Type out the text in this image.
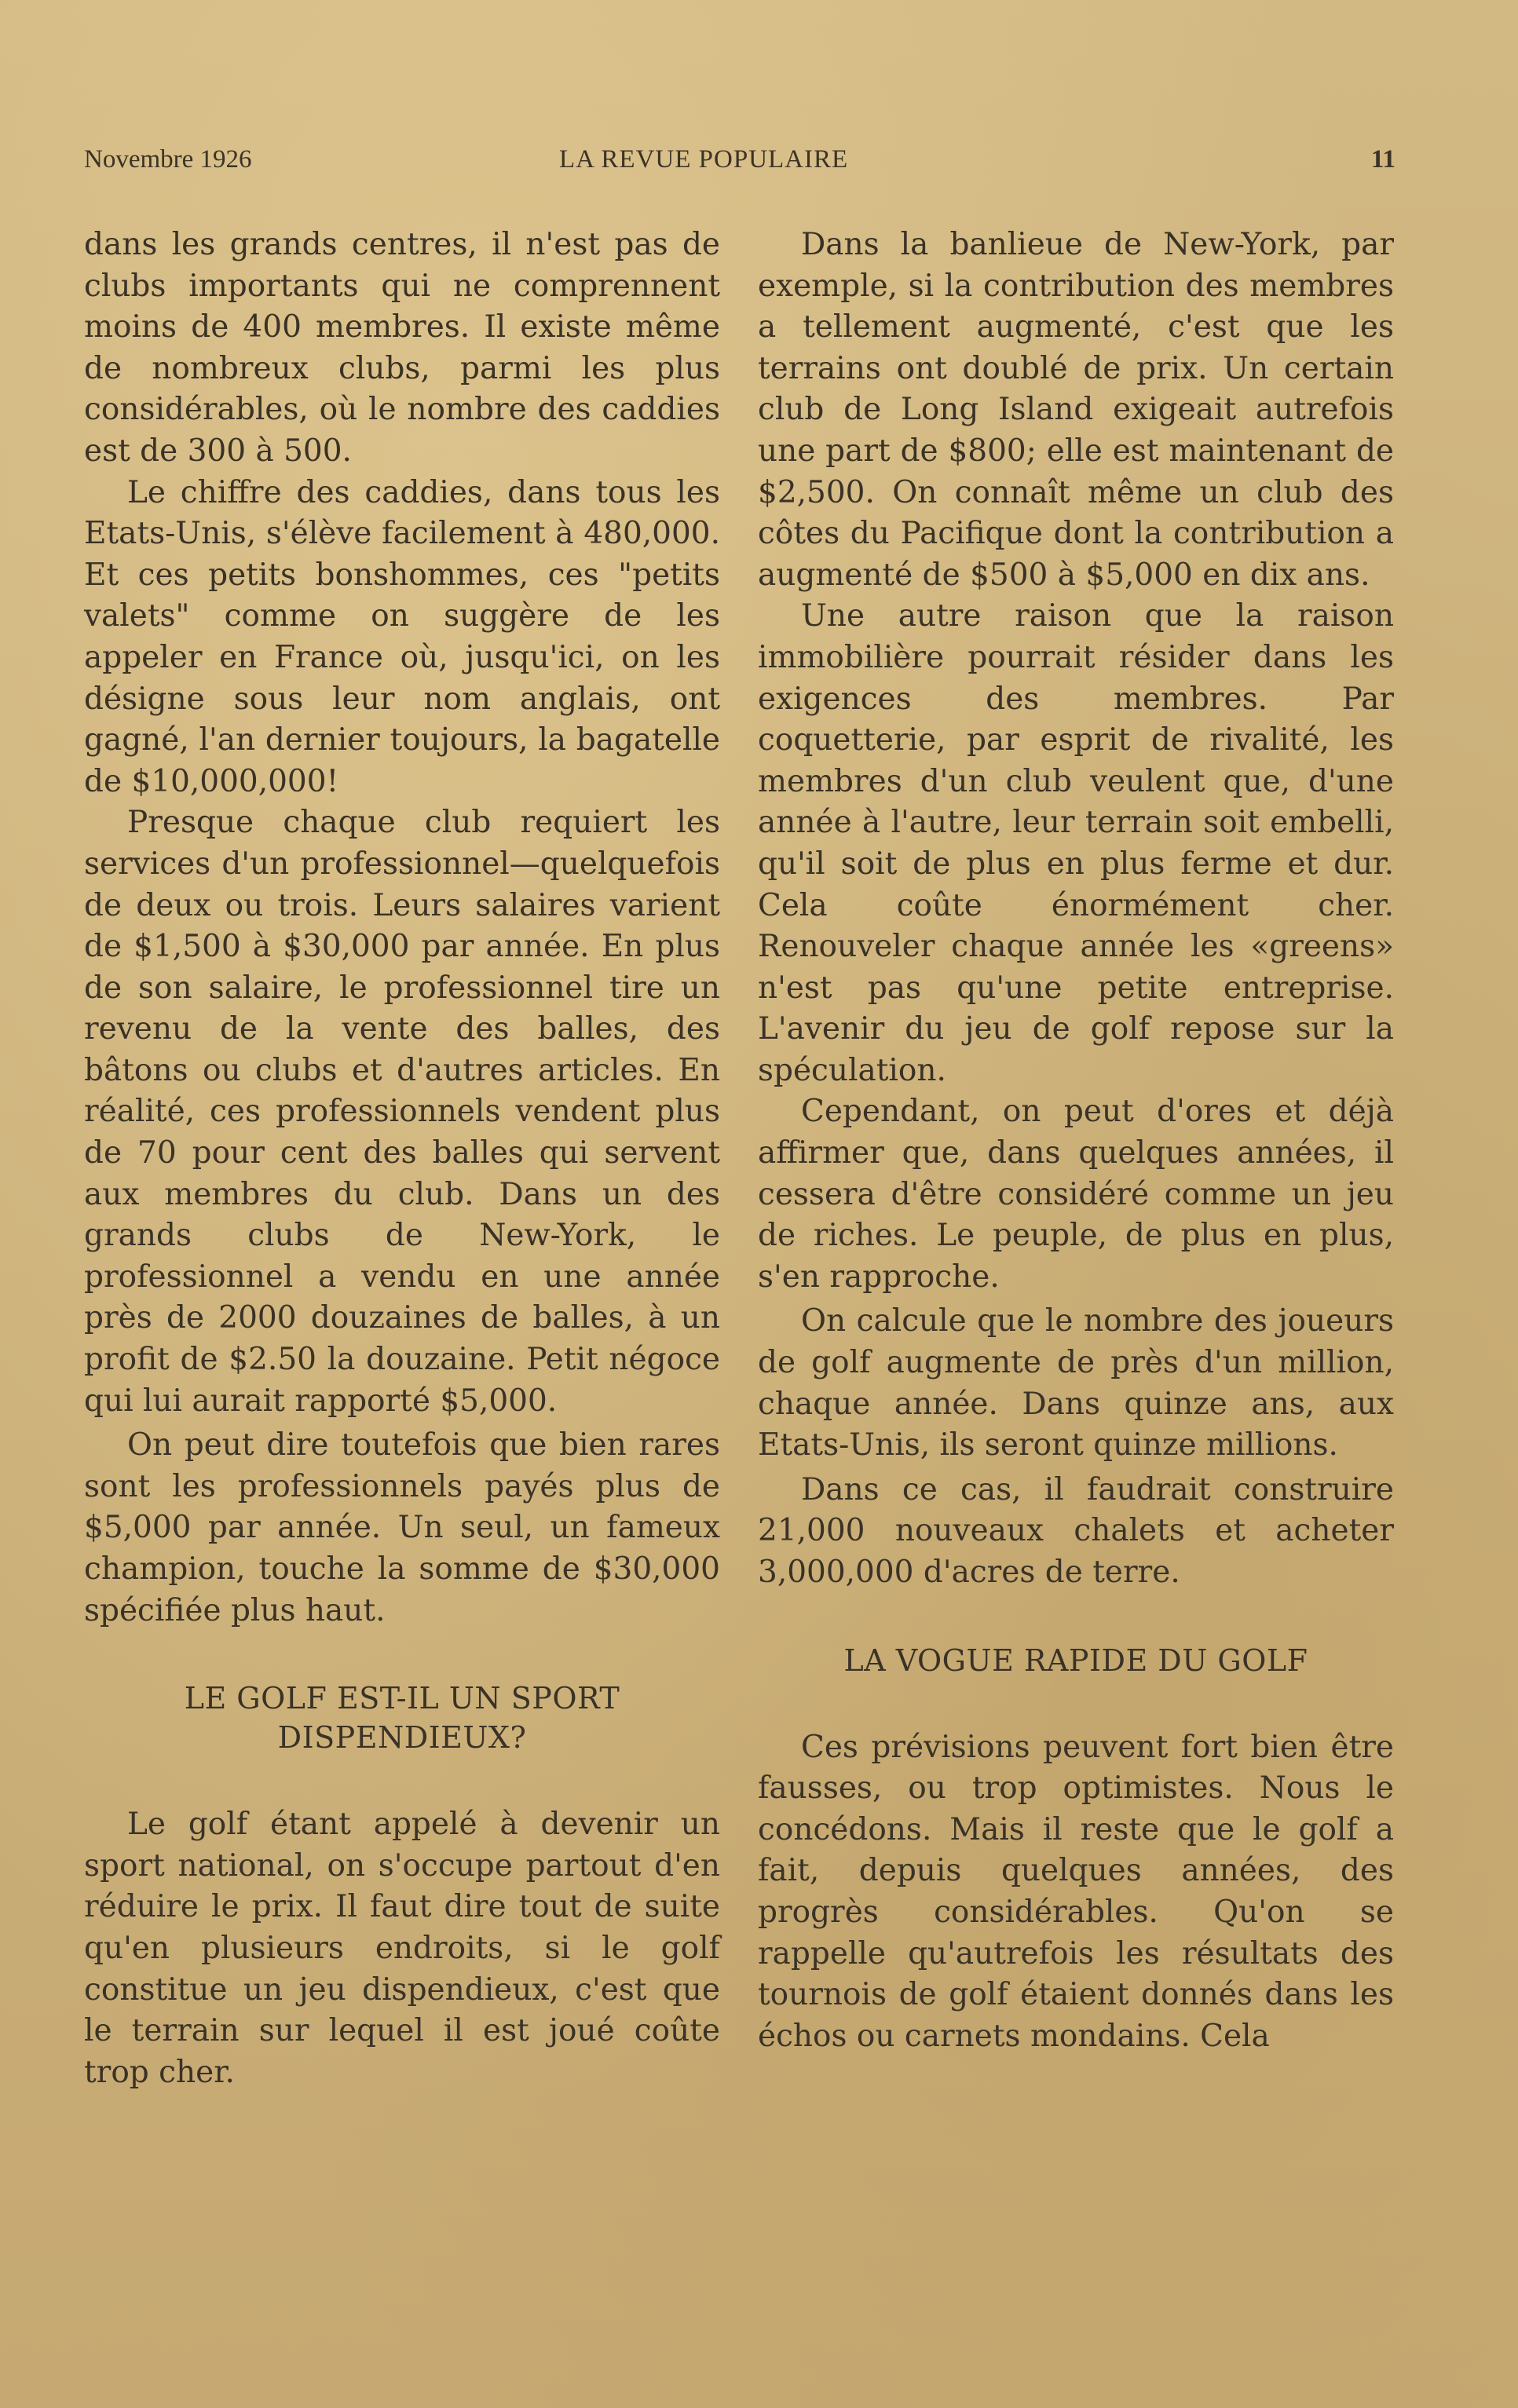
Novembre 1926	LA REVUE POPULAIRE	11

dans les grands centres, il n'est pas de clubs importants qui ne comprennent moins de 400 membres. Il existe même de nombreux clubs, parmi les plus considérables, où le nombre des caddies est de 300 à 500.

Le chiffre des caddies, dans tous les Etats-Unis, s'élève facilement à 480,000. Et ces petits bonshommes, ces "petits valets" comme on suggère de les appeler en France où, jusqu'ici, on les désigne sous leur nom anglais, ont gagné, l'an dernier toujours, la bagatelle de $10,000,000!

Presque chaque club requiert les services d'un professionnel—quelquefois de deux ou trois. Leurs salaires varient de $1,500 à $30,000 par année. En plus de son salaire, le professionnel tire un revenu de la vente des balles, des bâtons ou clubs et d'autres articles. En réalité, ces professionnels vendent plus de 70 pour cent des balles qui servent aux membres du club. Dans un des grands clubs de New-York, le professionnel a vendu en une année près de 2000 douzaines de balles, à un profit de $2.50 la douzaine. Petit négoce qui lui aurait rapporté $5,000.

On peut dire toutefois que bien rares sont les professionnels payés plus de $5,000 par année. Un seul, un fameux champion, touche la somme de $30,000 spécifiée plus haut.

LE GOLF EST-IL UN SPORT DISPENDIEUX?

Le golf étant appelé à devenir un sport national, on s'occupe partout d'en réduire le prix. Il faut dire tout de suite qu'en plusieurs endroits, si le golf constitue un jeu dispendieux, c'est que le terrain sur lequel il est joué coûte trop cher.

Dans la banlieue de New-York, par exemple, si la contribution des membres a tellement augmenté, c'est que les terrains ont doublé de prix. Un certain club de Long Island exigeait autrefois une part de $800; elle est maintenant de $2,500. On connaît même un club des côtes du Pacifique dont la contribution a augmenté de $500 à $5,000 en dix ans.

Une autre raison que la raison immobilière pourrait résider dans les exigences des membres. Par coquetterie, par esprit de rivalité, les membres d'un club veulent que, d'une année à l'autre, leur terrain soit embelli, qu'il soit de plus en plus ferme et dur. Cela coûte énormément cher. Renouveler chaque année les «greens» n'est pas qu'une petite entreprise. L'avenir du jeu de golf repose sur la spéculation.

Cependant, on peut d'ores et déjà affirmer que, dans quelques années, il cessera d'être considéré comme un jeu de riches. Le peuple, de plus en plus, s'en rapproche.

On calcule que le nombre des joueurs de golf augmente de près d'un million, chaque année. Dans quinze ans, aux Etats-Unis, ils seront quinze millions.

Dans ce cas, il faudrait construire 21,000 nouveaux chalets et acheter 3,000,000 d'acres de terre.

LA VOGUE RAPIDE DU GOLF

Ces prévisions peuvent fort bien être fausses, ou trop optimistes. Nous le concédons. Mais il reste que le golf a fait, depuis quelques années, des progrès considérables. Qu'on se rappelle qu'autrefois les résultats des tournois de golf étaient donnés dans les échos ou carnets mondains. Cela
